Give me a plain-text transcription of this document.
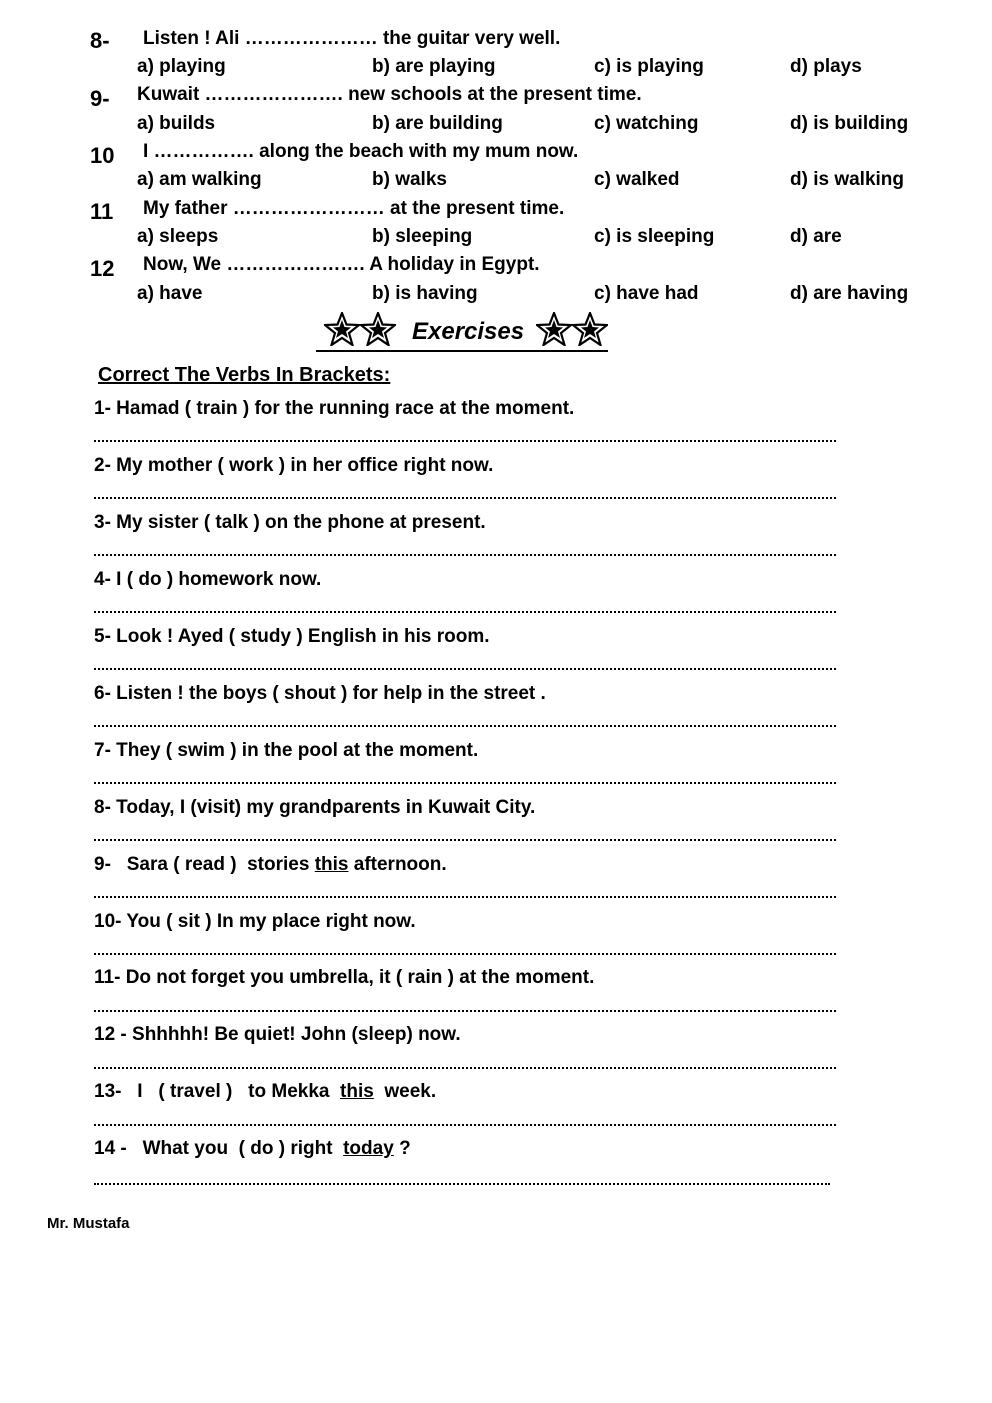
8- Listen ! Ali ………………… the guitar very well.
a) playing	b) are playing	c) is playing	d) plays
9- Kuwait …………………. new schools at the present time.
a) builds	b) are building	c) watching	d) is building
10 I ……………. along the beach with my mum now.
a) am walking	b) walks	c) walked	d) is walking
11 My father …………………… at the present time.
a) sleeps	b) sleeping	c) is sleeping	d) are
12 Now, We …………………. A holiday in Egypt.
a) have	b) is having	c) have had	d) are having
Exercises
Correct The Verbs In Brackets:
1- Hamad ( train ) for the running race at the moment.
2- My mother ( work ) in her office right now.
3- My sister ( talk ) on the phone at present.
4- I ( do ) homework now.
5- Look ! Ayed ( study ) English in his room.
6- Listen ! the boys ( shout ) for help in the street .
7- They ( swim ) in the pool at the moment.
8- Today, I (visit) my grandparents in Kuwait City.
9-   Sara ( read )  stories this afternoon.
10- You ( sit ) In my place right now.
11- Do not forget you umbrella, it ( rain ) at the moment.
12 - Shhhhh! Be quiet! John (sleep) now.
13-   I   ( travel )   to Mekka  this  week.
14 -   What you  ( do ) right  today ?
Mr. Mustafa
